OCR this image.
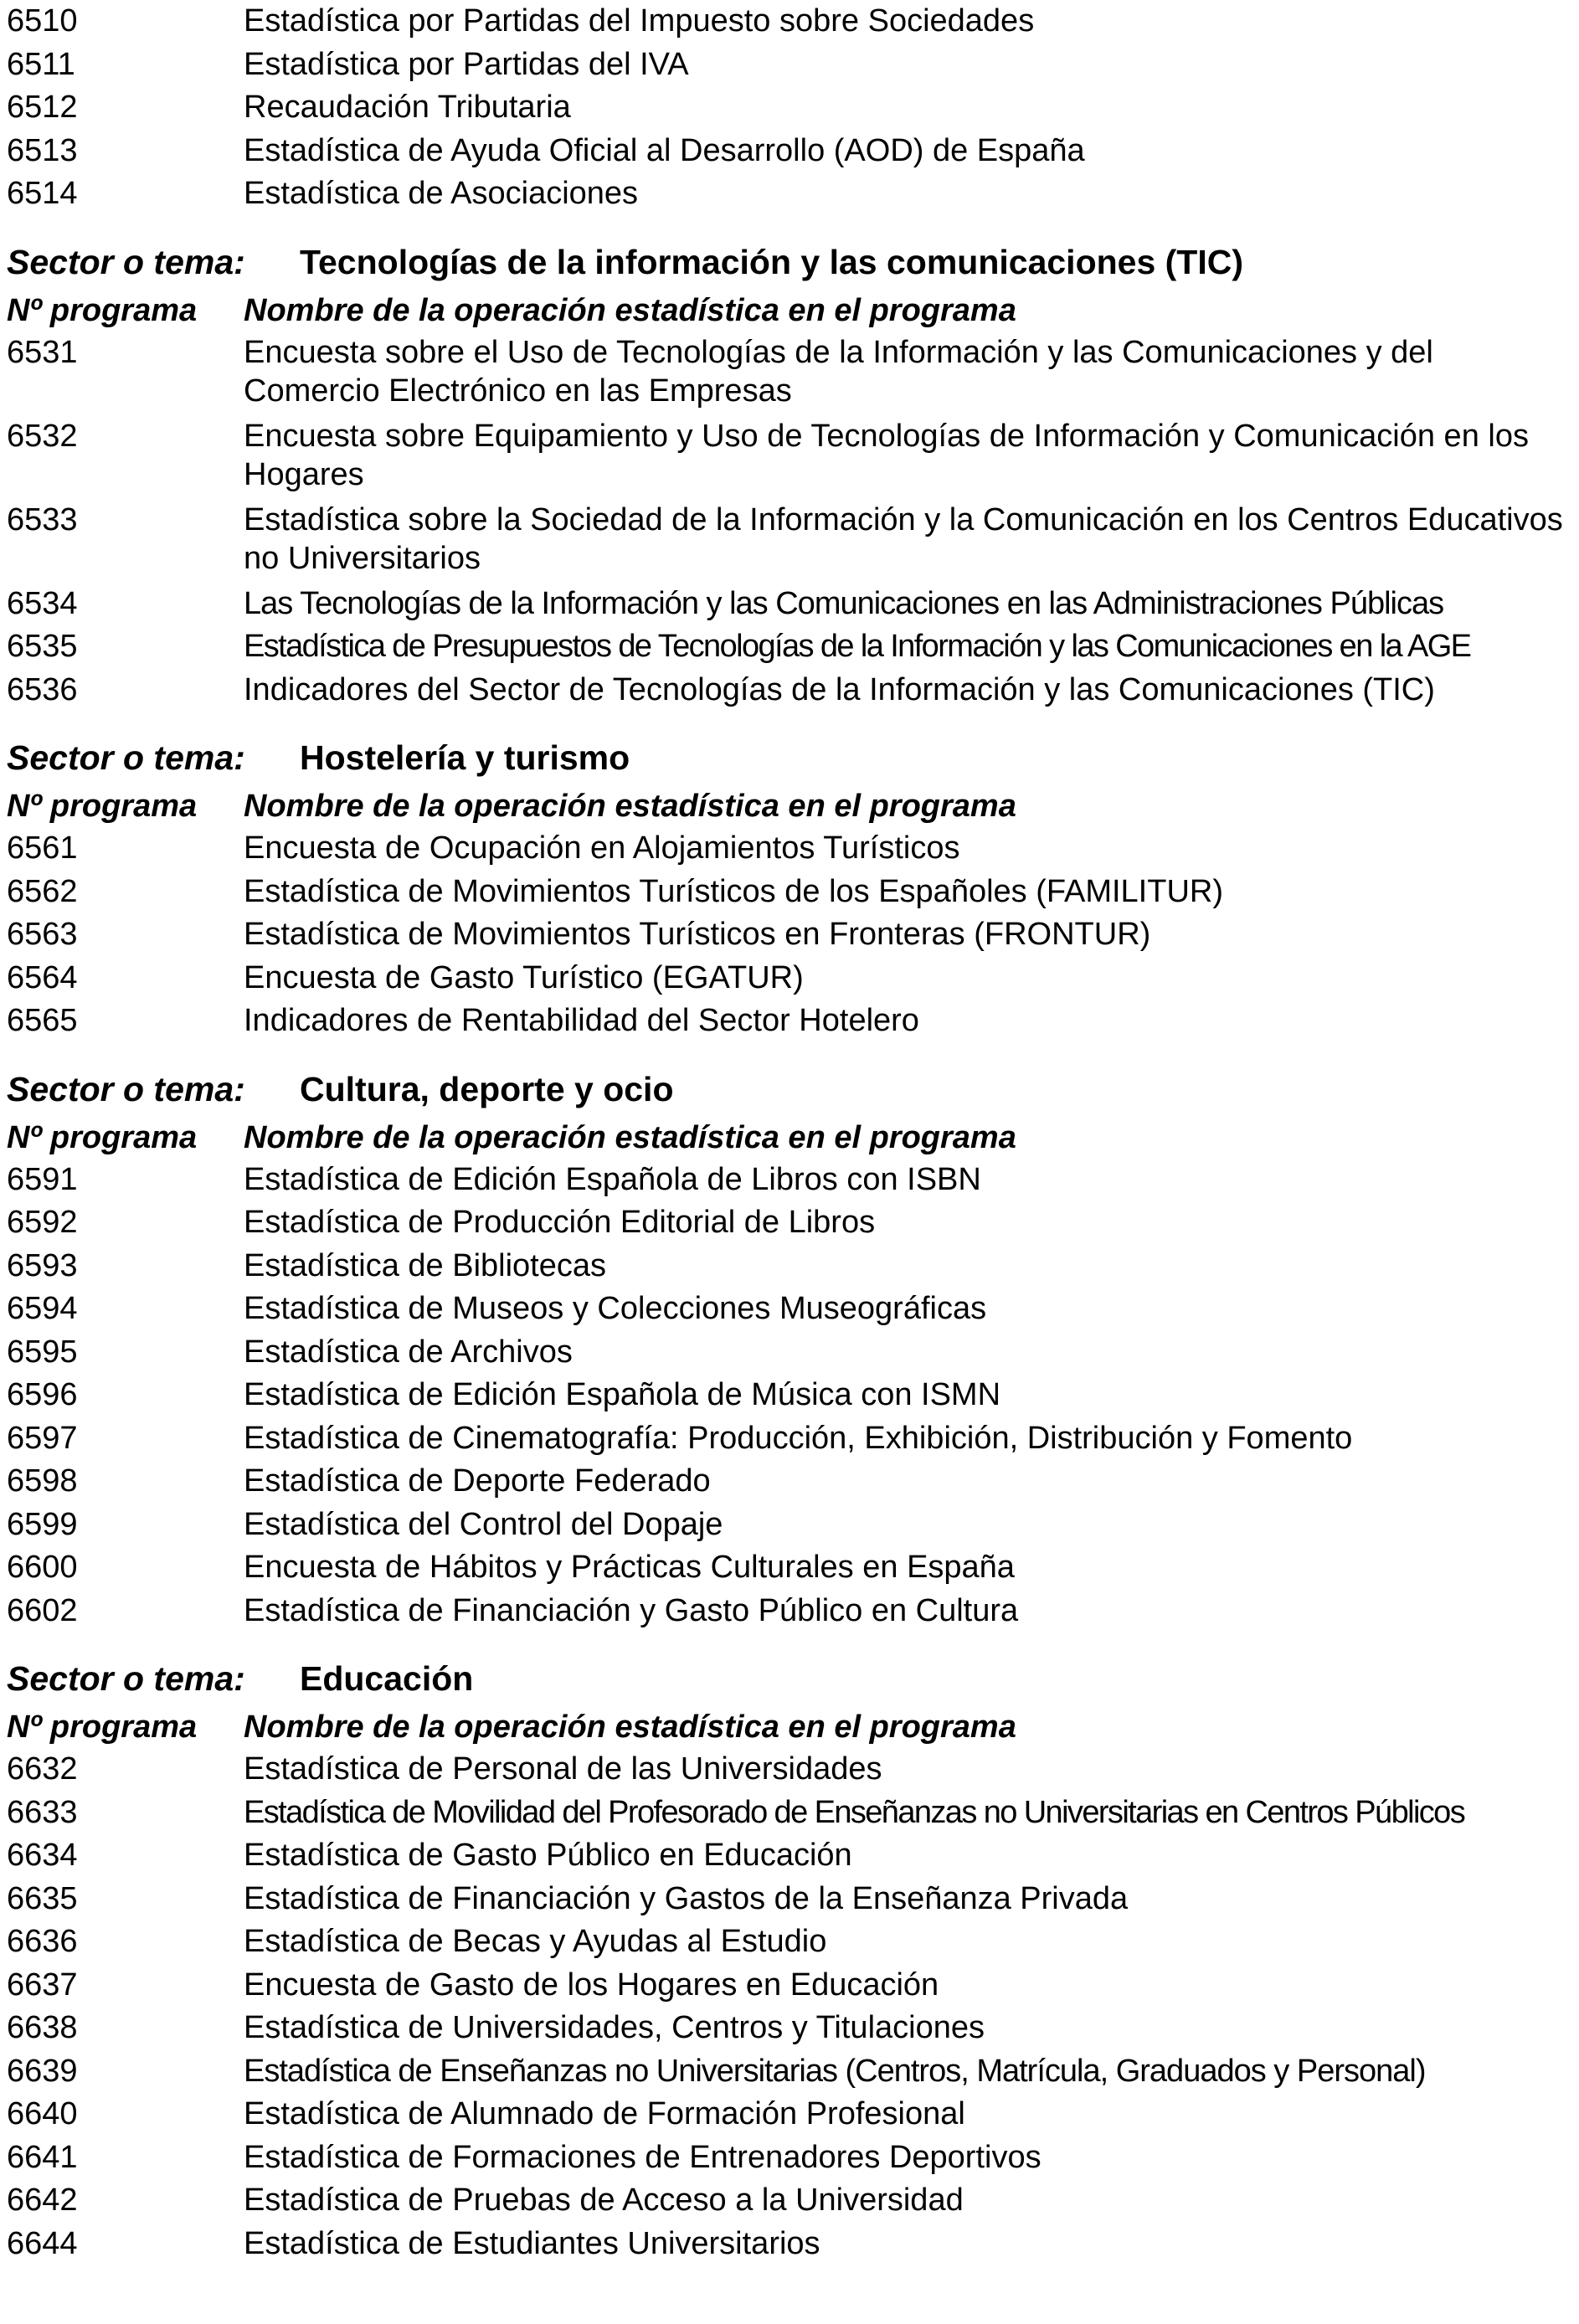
6510	Estadística por Partidas del Impuesto sobre Sociedades
6511	Estadística por Partidas del IVA
6512	Recaudación Tributaria
6513	Estadística de Ayuda Oficial al Desarrollo (AOD) de España
6514	Estadística de Asociaciones
Sector o tema:	Tecnologías de la información y las comunicaciones (TIC)
Nº programa	Nombre de la operación estadística en el programa
6531	Encuesta sobre el Uso de Tecnologías de la Información y las Comunicaciones y del Comercio Electrónico en las Empresas
6532	Encuesta sobre Equipamiento y Uso de Tecnologías de Información y Comunicación en los Hogares
6533	Estadística sobre la Sociedad de la Información y la Comunicación en los Centros Educativos no Universitarios
6534	Las Tecnologías de la Información y las Comunicaciones en las Administraciones Públicas
6535	Estadística de Presupuestos de Tecnologías de la Información y las Comunicaciones en la AGE
6536	Indicadores del Sector de Tecnologías de la Información y las Comunicaciones (TIC)
Sector o tema:	Hostelería y turismo
Nº programa	Nombre de la operación estadística en el programa
6561	Encuesta de Ocupación en Alojamientos Turísticos
6562	Estadística de Movimientos Turísticos de los Españoles (FAMILITUR)
6563	Estadística de Movimientos Turísticos en Fronteras (FRONTUR)
6564	Encuesta de Gasto Turístico (EGATUR)
6565	Indicadores de Rentabilidad del Sector Hotelero
Sector o tema:	Cultura, deporte y ocio
Nº programa	Nombre de la operación estadística en el programa
6591	Estadística de Edición Española de Libros con ISBN
6592	Estadística de Producción Editorial de Libros
6593	Estadística de Bibliotecas
6594	Estadística de Museos y Colecciones Museográficas
6595	Estadística de Archivos
6596	Estadística de Edición Española de Música con ISMN
6597	Estadística de Cinematografía: Producción, Exhibición, Distribución y Fomento
6598	Estadística de Deporte Federado
6599	Estadística del Control del Dopaje
6600	Encuesta de Hábitos y Prácticas Culturales en España
6602	Estadística de Financiación y Gasto Público en Cultura
Sector o tema:	Educación
Nº programa	Nombre de la operación estadística en el programa
6632	Estadística de Personal de las Universidades
6633	Estadística de Movilidad del Profesorado de Enseñanzas no Universitarias en Centros Públicos
6634	Estadística de Gasto Público en Educación
6635	Estadística de Financiación y Gastos de la Enseñanza Privada
6636	Estadística de Becas y Ayudas al Estudio
6637	Encuesta de Gasto de los Hogares en Educación
6638	Estadística de Universidades, Centros y Titulaciones
6639	Estadística de Enseñanzas no Universitarias (Centros, Matrícula, Graduados y Personal)
6640	Estadística de Alumnado de Formación Profesional
6641	Estadística de Formaciones de Entrenadores Deportivos
6642	Estadística de Pruebas de Acceso a la Universidad
6644	Estadística de Estudiantes Universitarios
